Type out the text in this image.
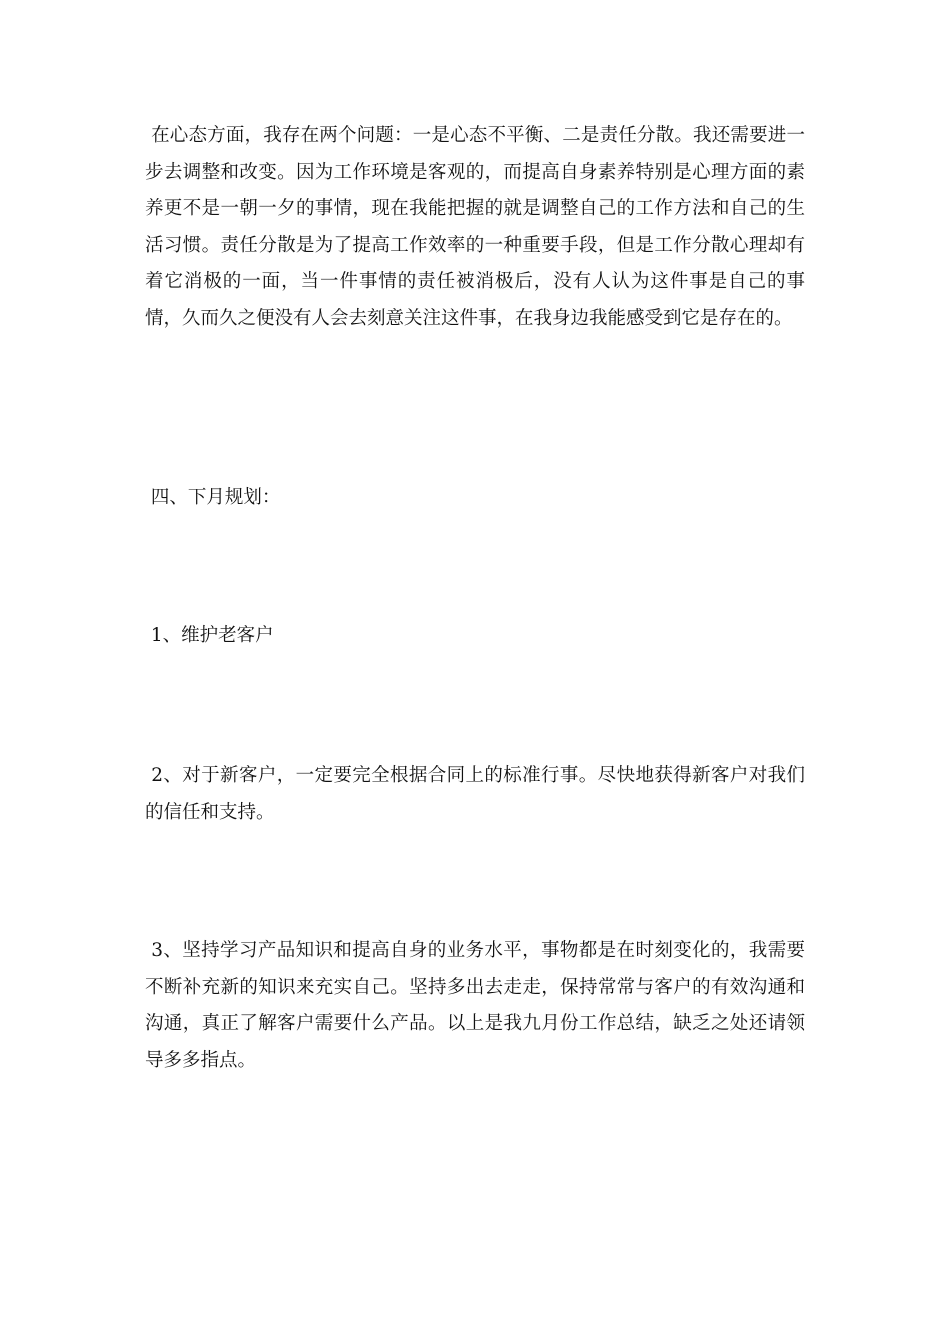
在心态方面，我存在两个问题：一是心态不平衡、二是责任分散。我还需要进一步去调整和改变。因为工作环境是客观的，而提高自身素养特别是心理方面的素养更不是一朝一夕的事情，现在我能把握的就是调整自己的工作方法和自己的生活习惯。责任分散是为了提高工作效率的一种重要手段，但是工作分散心理却有着它消极的一面，当一件事情的责任被消极后，没有人认为这件事是自己的事情，久而久之便没有人会去刻意关注这件事，在我身边我能感受到它是存在的。

四、下月规划：

1、维护老客户

2、对于新客户，一定要完全根据合同上的标准行事。尽快地获得新客户对我们的信任和支持。

3、坚持学习产品知识和提高自身的业务水平，事物都是在时刻变化的，我需要不断补充新的知识来充实自己。坚持多出去走走，保持常常与客户的有效沟通和沟通，真正了解客户需要什么产品。以上是我九月份工作总结，缺乏之处还请领导多多指点。
